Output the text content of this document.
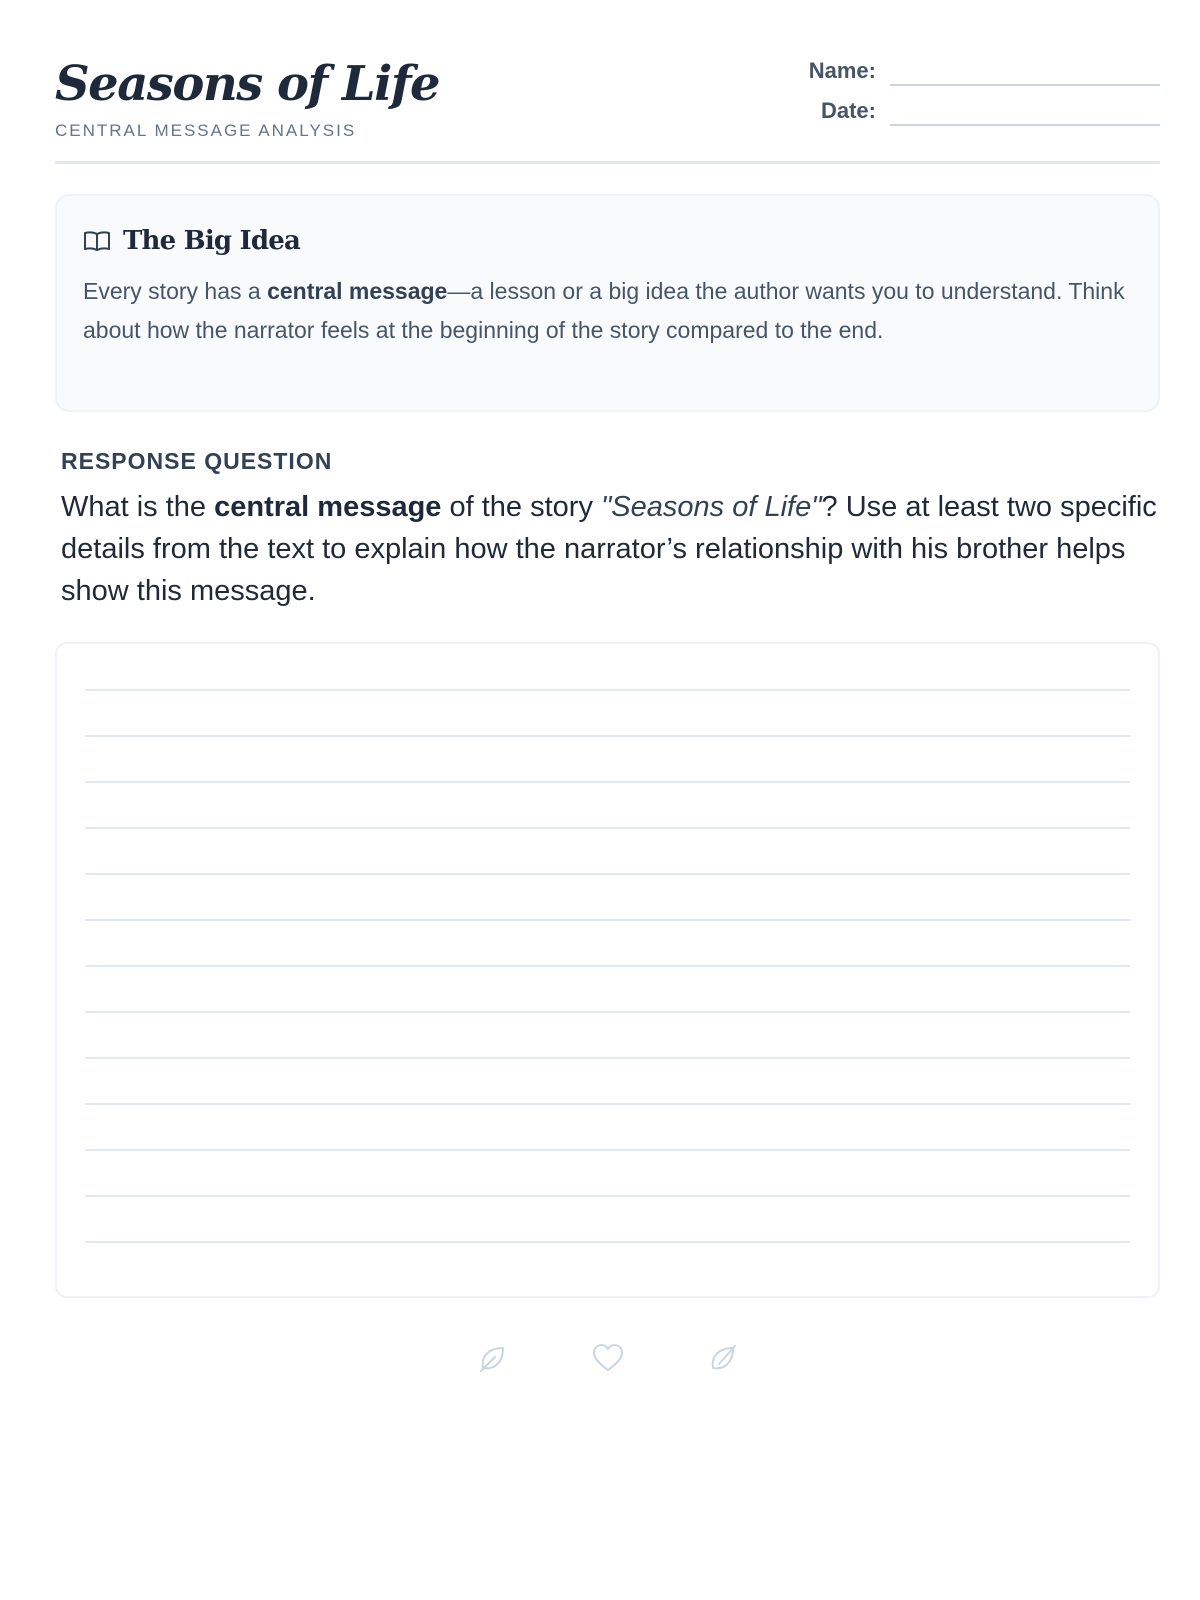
Seasons of Life
CENTRAL MESSAGE ANALYSIS
Name:
Date:
The Big Idea
Every story has a central message—a lesson or a big idea the author wants you to understand. Think about how the narrator feels at the beginning of the story compared to the end.
RESPONSE QUESTION
What is the central message of the story "Seasons of Life"? Use at least two specific details from the text to explain how the narrator’s relationship with his brother helps show this message.
